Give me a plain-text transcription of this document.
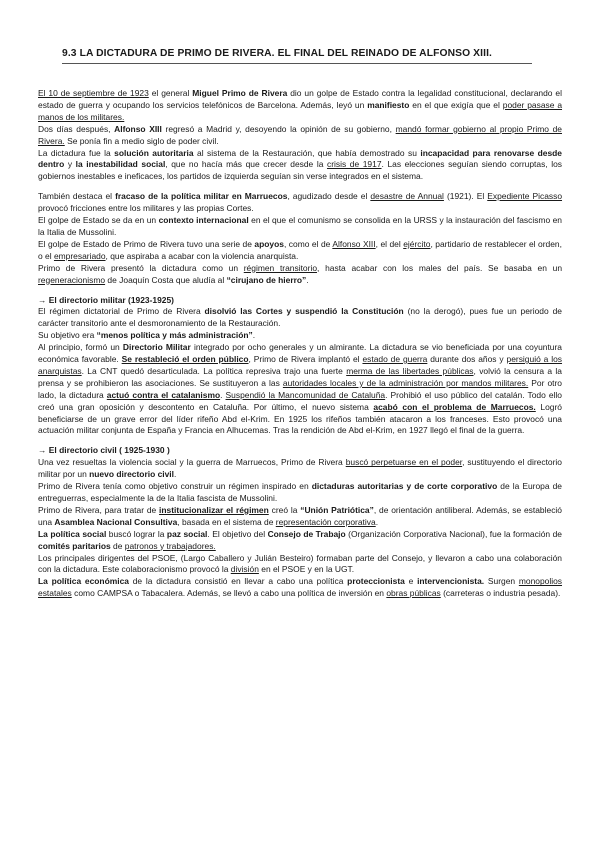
9.3 LA DICTADURA DE PRIMO DE RIVERA. EL FINAL DEL REINADO DE ALFONSO XIII.

El 10 de septiembre de 1923 el general Miguel Primo de Rivera dio un golpe de Estado contra la legalidad constitucional, declarando el estado de guerra y ocupando los servicios telefónicos de Barcelona. Además, leyó un manifiesto en el que exigía que el poder pasase a manos de los militares.

Dos días después, Alfonso XIII regresó a Madrid y, desoyendo la opinión de su gobierno, mandó formar gobierno al propio Primo de Rivera. Se ponía fin a medio siglo de poder civil.

La dictadura fue la solución autoritaria al sistema de la Restauración, que había demostrado su incapacidad para renovarse desde dentro y la inestabilidad social, que no hacía más que crecer desde la crisis de 1917. Las elecciones seguían siendo corruptas, los gobiernos inestables e ineficaces, los partidos de izquierda seguían sin verse integrados en el sistema.

También destaca el fracaso de la política militar en Marruecos, agudizado desde el desastre de Annual (1921). El Expediente Picasso provocó fricciones entre los militares y las propias Cortes.

El golpe de Estado se da en un contexto internacional en el que el comunismo se consolida en la URSS y la instauración del fascismo en la Italia de Mussolini.

El golpe de Estado de Primo de Rivera tuvo una serie de apoyos, como el de Alfonso XIII, el del ejército, partidario de restablecer el orden, o el empresariado, que aspiraba a acabar con la violencia anarquista.

Primo de Rivera presentó la dictadura como un régimen transitorio, hasta acabar con los males del país. Se basaba en un regeneracionismo de Joaquín Costa que aludía al “cirujano de hierro”.

→ El directorio militar (1923-1925)

El régimen dictatorial de Primo de Rivera disolvió las Cortes y suspendió la Constitución (no la derogó), pues fue un periodo de carácter transitorio ante el desmoronamiento de la Restauración.

Su objetivo era “menos política y más administración”.

Al principio, formó un Directorio Militar integrado por ocho generales y un almirante. La dictadura se vio beneficiada por una coyuntura económica favorable. Se restableció el orden público, Primo de Rivera implantó el estado de guerra durante dos años y persiguió a los anarquistas. La CNT quedó desarticulada. La política represiva trajo una fuerte merma de las libertades públicas, volvió la censura a la prensa y se prohibieron las asociaciones. Se sustituyeron a las autoridades locales y de la administración por mandos militares. Por otro lado, la dictadura actuó contra el catalanismo. Suspendió la Mancomunidad de Cataluña. Prohibió el uso público del catalán. Todo ello creó una gran oposición y descontento en Cataluña. Por último, el nuevo sistema acabó con el problema de Marruecos. Logró beneficiarse de un grave error del líder rifeño Abd el-Krim. En 1925 los rifeños también atacaron a los franceses. Esto provocó una actuación militar conjunta de España y Francia en Alhucemas. Tras la rendición de Abd el-Krim, en 1927 llegó el final de la guerra.

→ El directorio civil ( 1925-1930 )

Una vez resueltas la violencia social y la guerra de Marruecos, Primo de Rivera buscó perpetuarse en el poder, sustituyendo el directorio militar por un nuevo directorio civil.

Primo de Rivera tenía como objetivo construir un régimen inspirado en dictaduras autoritarias y de corte corporativo de la Europa de entreguerras, especialmente la de la Italia fascista de Mussolini.

Primo de Rivera, para tratar de institucionalizar el régimen creó la “Unión Patriótica”, de orientación antiliberal. Además, se estableció una Asamblea Nacional Consultiva, basada en el sistema de representación corporativa.

La política social buscó lograr la paz social. El objetivo del Consejo de Trabajo (Organización Corporativa Nacional), fue la formación de comités paritarios de patronos y trabajadores.

Los principales dirigentes del PSOE, (Largo Caballero y Julián Besteiro) formaban parte del Consejo, y llevaron a cabo una colaboración con la dictadura. Este colaboracionismo provocó la división en el PSOE y en la UGT.

La política económica de la dictadura consistió en llevar a cabo una política proteccionista e intervencionista. Surgen monopolios estatales como CAMPSA o Tabacalera. Además, se llevó a cabo una política de inversión en obras públicas (carreteras o industria pesada).
